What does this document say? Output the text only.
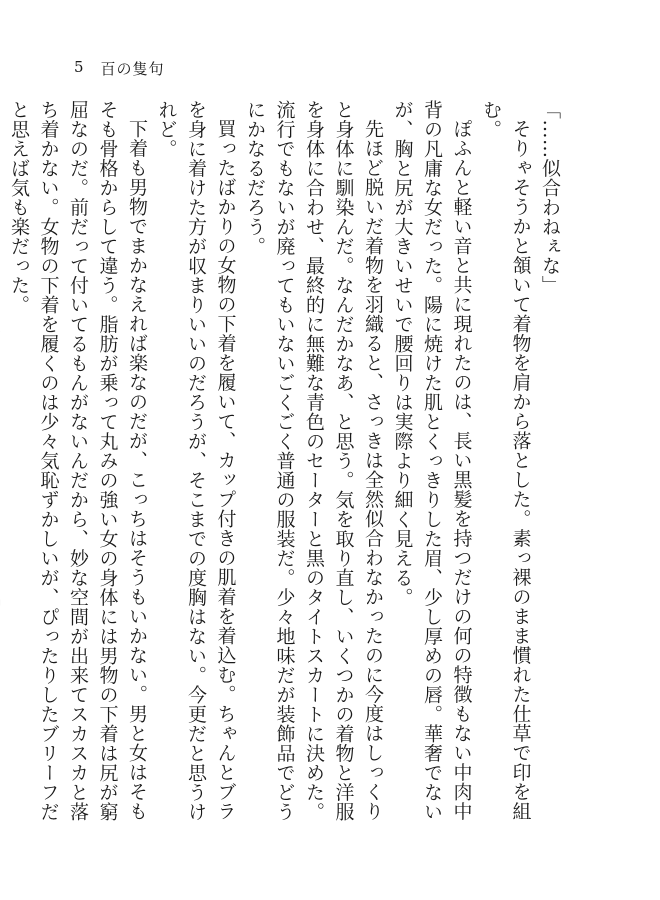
5 百の隻句

「……似合わねぇな」

そりゃそうかと頷いて着物を肩から落とした。素っ裸のまま慣れた仕草で印を組む。

ぽふんと軽い音と共に現れたのは、長い黒髪を持つだけの何の特徴もない中肉中背の凡庸な女だった。陽に焼けた肌とくっきりした眉、少し厚めの唇。華奢でないが、胸と尻が大きいせいで腰回りは実際より細く見える。

先ほど脱いだ着物を羽織ると、さっきは全然似合わなかったのに今度はしっくりと身体に馴染んだ。なんだかなあ、と思う。気を取り直し、いくつかの着物と洋服を身体に合わせ、最終的に無難な青色のセーターと黒のタイトスカートに決めた。流行でもないが廃ってもいないごくごく普通の服装だ。少々地味だが装飾品でどうにかなるだろう。

買ったばかりの女物の下着を履いて、カップ付きの肌着を着込む。ちゃんとブラを身に着けた方が収まりいいのだろうが、そこまでの度胸はない。今更だと思うけれど。

下着も男物でまかなえれば楽なのだが、こっちはそうもいかない。男と女はそもそも骨格からして違う。脂肪が乗って丸みの強い女の身体には男物の下着は尻が窮屈なのだ。前だって付いてるもんがないんだから、妙な空間が出来てスカスカと落ち着かない。女物の下着を履くのは少々気恥ずかしいが、ぴったりしたブリーフだと思えば気も楽だった。
